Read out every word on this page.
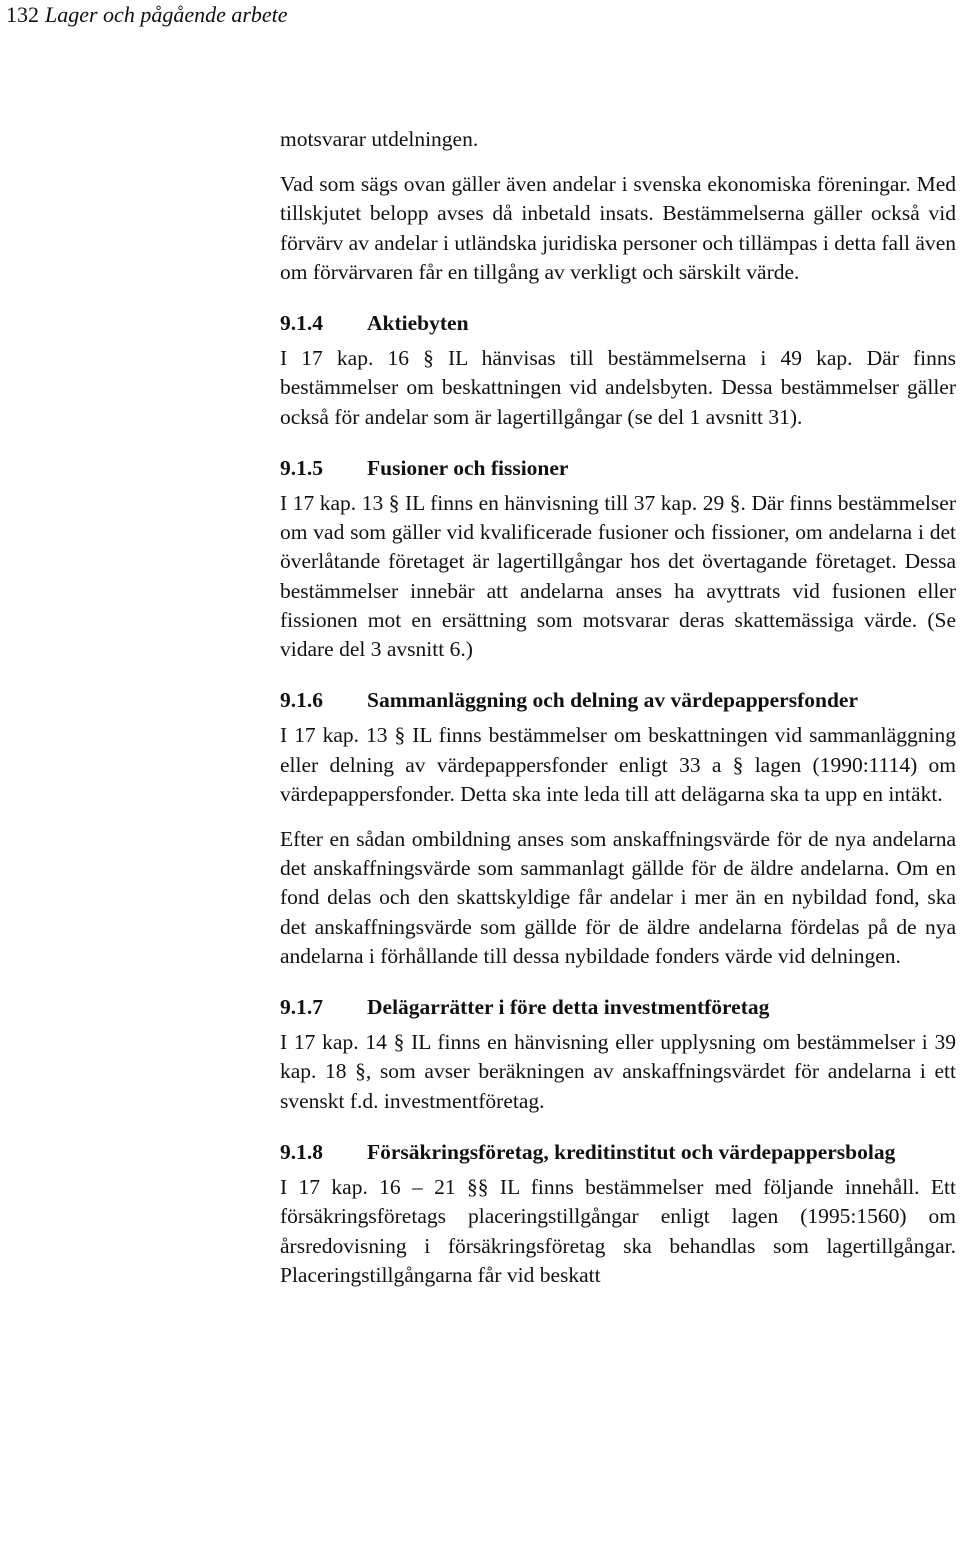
132 Lager och pågående arbete

motsvarar utdelningen.

Vad som sägs ovan gäller även andelar i svenska ekonomiska föreningar. Med tillskjutet belopp avses då inbetald insats. Bestämmelserna gäller också vid förvärv av andelar i utländska juridiska personer och tillämpas i detta fall även om förvärvaren får en tillgång av verkligt och särskilt värde.

9.1.4	Aktiebyten

I 17 kap. 16 § IL hänvisas till bestämmelserna i 49 kap. Där finns bestämmelser om beskattningen vid andelsbyten. Dessa bestämmelser gäller också för andelar som är lagertillgångar (se del 1 avsnitt 31).

9.1.5	Fusioner och fissioner

I 17 kap. 13 § IL finns en hänvisning till 37 kap. 29 §. Där finns bestämmelser om vad som gäller vid kvalificerade fusioner och fissioner, om andelarna i det överlåtande företaget är lagertillgångar hos det övertagande företaget. Dessa bestämmelser innebär att andelarna anses ha avyttrats vid fusionen eller fissionen mot en ersättning som motsvarar deras skattemässiga värde. (Se vidare del 3 avsnitt 6.)

9.1.6	Sammanläggning och delning av värdepappersfonder

I 17 kap. 13 § IL finns bestämmelser om beskattningen vid sammanläggning eller delning av värdepappersfonder enligt 33 a § lagen (1990:1114) om värdepappersfonder. Detta ska inte leda till att delägarna ska ta upp en intäkt.

Efter en sådan ombildning anses som anskaffningsvärde för de nya andelarna det anskaffningsvärde som sammanlagt gällde för de äldre andelarna. Om en fond delas och den skattskyldige får andelar i mer än en nybildad fond, ska det anskaffningsvärde som gällde för de äldre andelarna fördelas på de nya andelarna i förhållande till dessa nybildade fonders värde vid delningen.

9.1.7	Delägarrätter i före detta investmentföretag

I 17 kap. 14 § IL finns en hänvisning eller upplysning om bestämmelser i 39 kap. 18 §, som avser beräkningen av anskaffningsvärdet för andelarna i ett svenskt f.d. investmentföretag.

9.1.8	Försäkringsföretag, kreditinstitut och värdepappersbolag

I 17 kap. 16 – 21 §§ IL finns bestämmelser med följande innehåll. Ett försäkringsföretags placeringstillgångar enligt lagen (1995:1560) om årsredovisning i försäkringsföretag ska behandlas som lagertillgångar. Placeringstillgångarna får vid beskatt
